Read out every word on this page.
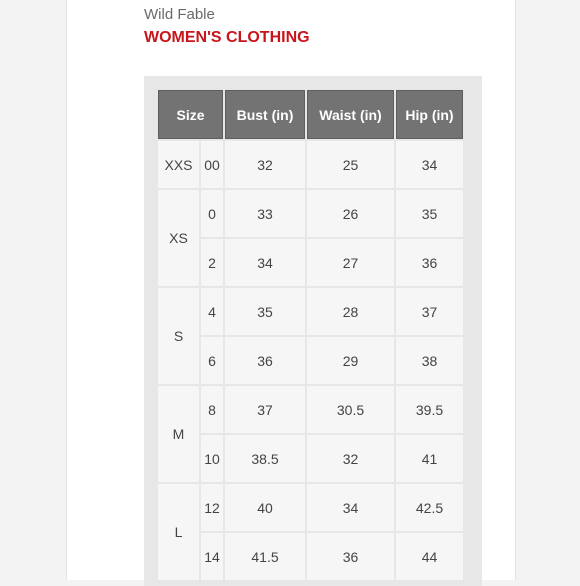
Wild Fable
WOMEN'S CLOTHING
Size		Bust (in)	Waist (in)	Hip (in)
XXS	00	32	25	34
XS	0	33	26	35
	2	34	27	36
S	4	35	28	37
	6	36	29	38
M	8	37	30.5	39.5
	10	38.5	32	41
L	12	40	34	42.5
	14	41.5	36	44
